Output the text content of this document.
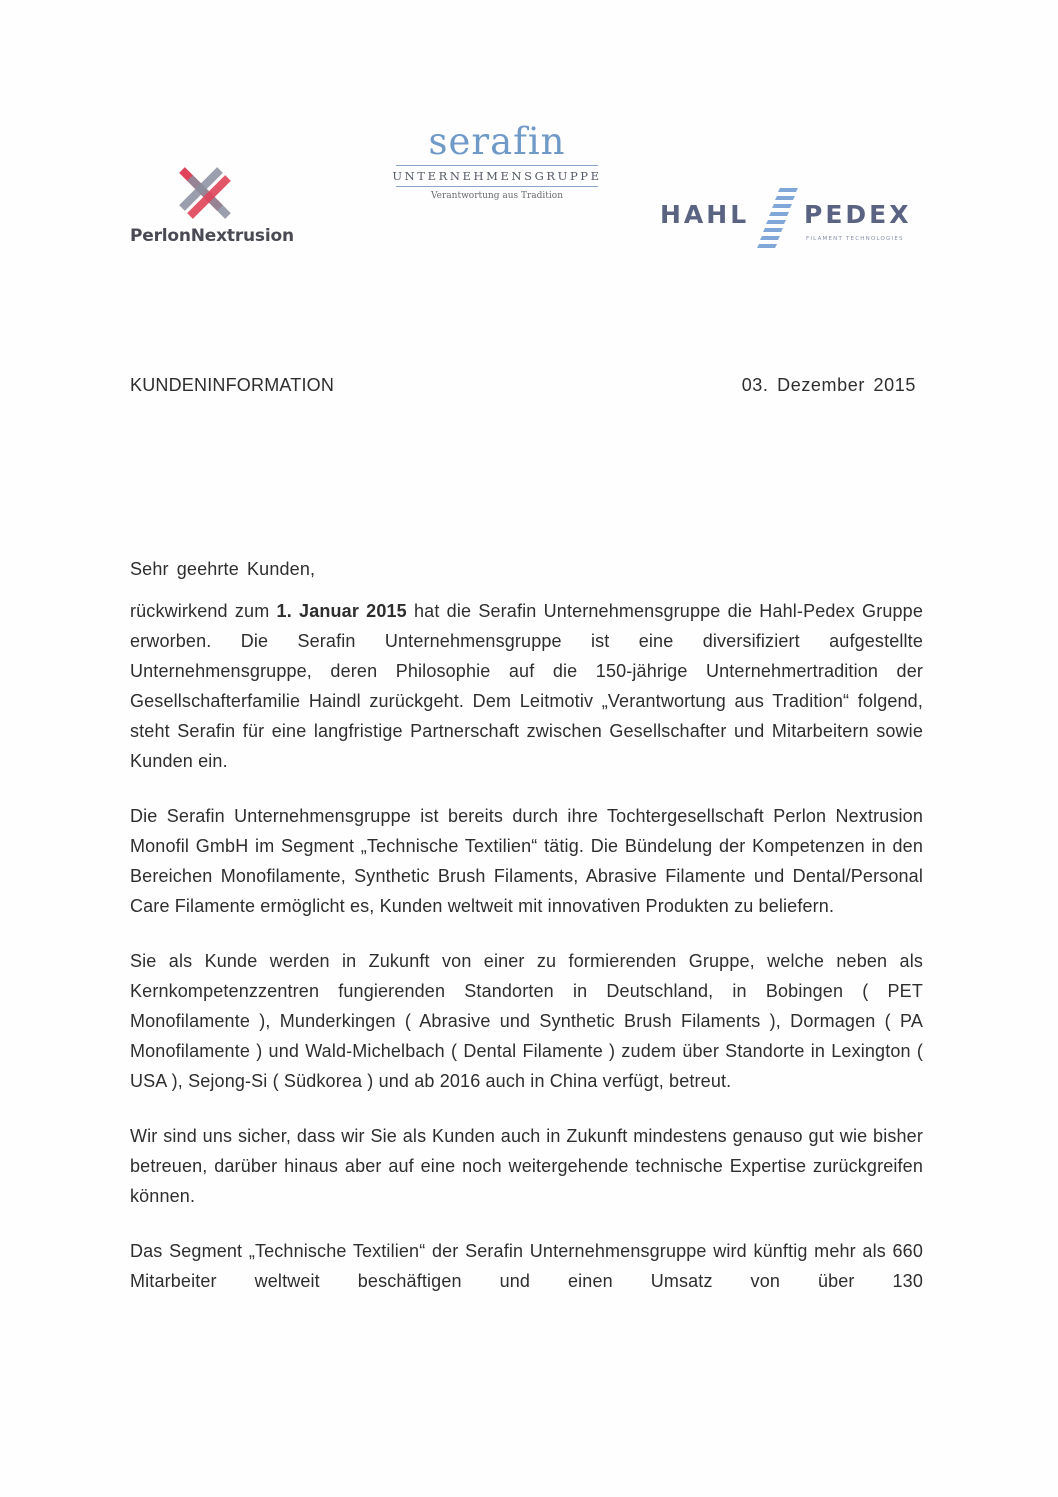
PerlonNextrusion
serafin
UNTERNEHMENSGRUPPE
Verantwortung aus Tradition
HAHL PEDEX
FILAMENT TECHNOLOGIES
KUNDENINFORMATION	03. Dezember 2015

Sehr geehrte Kunden,

rückwirkend zum 1. Januar 2015 hat die Serafin Unternehmensgruppe die Hahl-Pedex Gruppe erworben. Die Serafin Unternehmensgruppe ist eine diversifiziert aufgestellte Unternehmensgruppe, deren Philosophie auf die 150-jährige Unternehmertradition der Gesellschafterfamilie Haindl zurückgeht. Dem Leitmotiv „Verantwortung aus Tradition“ folgend, steht Serafin für eine langfristige Partnerschaft zwischen Gesellschafter und Mitarbeitern sowie Kunden ein.

Die Serafin Unternehmensgruppe ist bereits durch ihre Tochtergesellschaft Perlon Nextrusion Monofil GmbH im Segment „Technische Textilien“ tätig. Die Bündelung der Kompetenzen in den Bereichen Monofilamente, Synthetic Brush Filaments, Abrasive Filamente und Dental/Personal Care Filamente ermöglicht es, Kunden weltweit mit innovativen Produkten zu beliefern.

Sie als Kunde werden in Zukunft von einer zu formierenden Gruppe, welche neben als Kernkompetenzzentren fungierenden Standorten in Deutschland, in Bobingen ( PET Monofilamente ), Munderkingen ( Abrasive und Synthetic Brush Filaments ), Dormagen ( PA Monofilamente ) und Wald-Michelbach ( Dental Filamente ) zudem über Standorte in Lexington ( USA ), Sejong-Si ( Südkorea ) und ab 2016 auch in China verfügt, betreut.

Wir sind uns sicher, dass wir Sie als Kunden auch in Zukunft mindestens genauso gut wie bisher betreuen, darüber hinaus aber auf eine noch weitergehende technische Expertise zurückgreifen können.

Das Segment „Technische Textilien“ der Serafin Unternehmensgruppe wird künftig mehr als 660 Mitarbeiter weltweit beschäftigen und einen Umsatz von über 130
